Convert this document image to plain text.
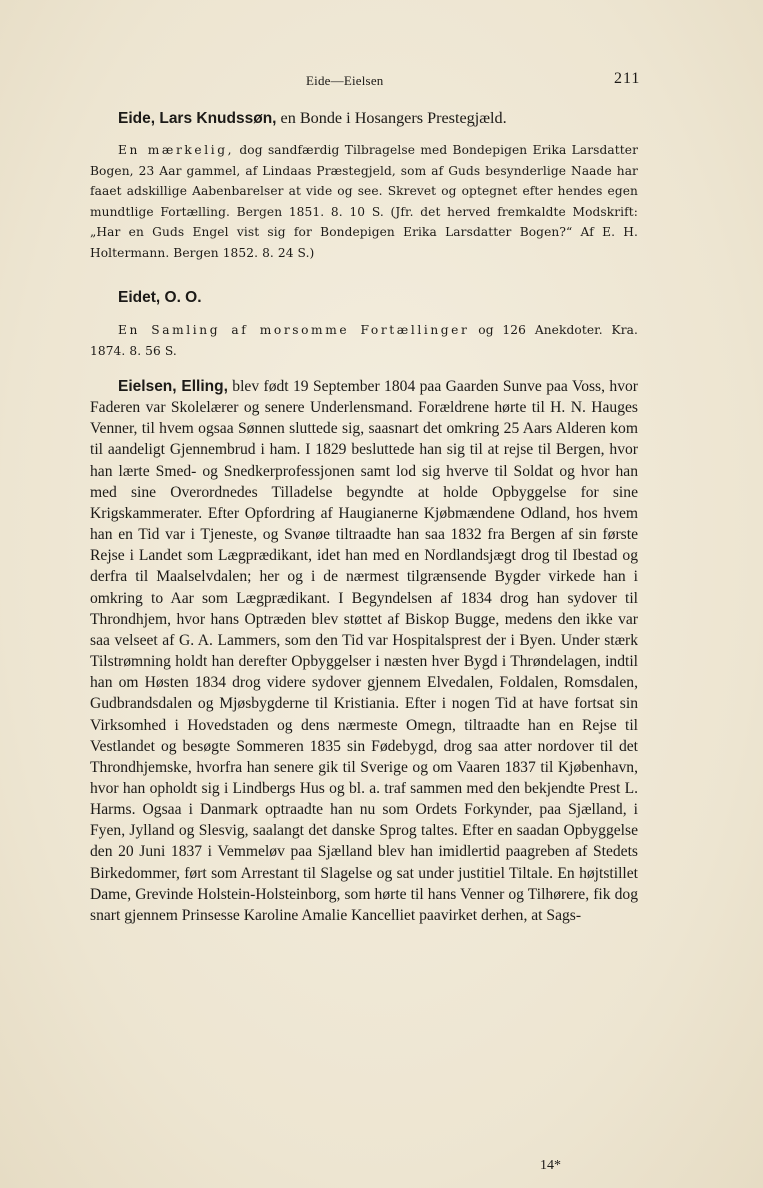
Eide—Eielsen	211
Eide, Lars Knudssøn, en Bonde i Hosangers Prestegjæld.

En mærkelig, dog sandfærdig Tilbragelse med Bondepigen Erika Larsdatter Bogen, 23 Aar gammel, af Lindaas Præstegjeld, som af Guds besynderlige Naade har faaet adskillige Aabenbarelser at vide og see. Skrevet og optegnet efter hendes egen mundtlige Fortælling. Bergen 1851. 8. 10 S. (Jfr. det herved fremkaldte Modskrift: „Har en Guds Engel vist sig for Bondepigen Erika Larsdatter Bogen?“ Af E. H. Holtermann. Bergen 1852. 8. 24 S.)

Eidet, O. O.

En Samling af morsomme Fortællinger og 126 Anekdoter. Kra. 1874. 8. 56 S.

Eielsen, Elling, blev født 19 September 1804 paa Gaarden Sunve paa Voss, hvor Faderen var Skolelærer og senere Underlensmand. Forældrene hørte til H. N. Hauges Venner, til hvem ogsaa Sønnen sluttede sig, saasnart det omkring 25 Aars Alderen kom til aandeligt Gjennembrud i ham. I 1829 besluttede han sig til at rejse til Bergen, hvor han lærte Smed- og Snedkerprofessjonen samt lod sig hverve til Soldat og hvor han med sine Overordnedes Tilladelse begyndte at holde Opbyggelse for sine Krigskammerater. Efter Opfordring af Haugianerne Kjøbmændene Odland, hos hvem han en Tid var i Tjeneste, og Svanøe tiltraadte han saa 1832 fra Bergen af sin første Rejse i Landet som Lægprædikant, idet han med en Nordlandsjægt drog til Ibestad og derfra til Maalselvdalen; her og i de nærmest tilgrænsende Bygder virkede han i omkring to Aar som Lægprædikant. I Begyndelsen af 1834 drog han sydover til Throndhjem, hvor hans Optræden blev støttet af Biskop Bugge, medens den ikke var saa velseet af G. A. Lammers, som den Tid var Hospitalsprest der i Byen. Under stærk Tilstrømning holdt han derefter Opbyggelser i næsten hver Bygd i Thrøndelagen, indtil han om Høsten 1834 drog videre sydover gjennem Elvedalen, Foldalen, Romsdalen, Gudbrandsdalen og Mjøsbygderne til Kristiania. Efter i nogen Tid at have fortsat sin Virksomhed i Hovedstaden og dens nærmeste Omegn, tiltraadte han en Rejse til Vestlandet og besøgte Sommeren 1835 sin Fødebygd, drog saa atter nordover til det Throndhjemske, hvorfra han senere gik til Sverige og om Vaaren 1837 til Kjøbenhavn, hvor han opholdt sig i Lindbergs Hus og bl. a. traf sammen med den bekjendte Prest L. Harms. Ogsaa i Danmark optraadte han nu som Ordets Forkynder, paa Sjælland, i Fyen, Jylland og Slesvig, saalangt det danske Sprog taltes. Efter en saadan Opbyggelse den 20 Juni 1837 i Vemmeløv paa Sjælland blev han imidlertid paagreben af Stedets Birkedommer, ført som Arrestant til Slagelse og sat under justitiel Tiltale. En højtstillet Dame, Grevinde Holstein-Holsteinborg, som hørte til hans Venner og Tilhørere, fik dog snart gjennem Prinsesse Karoline Amalie Kancelliet paavirket derhen, at Sags-

14*
